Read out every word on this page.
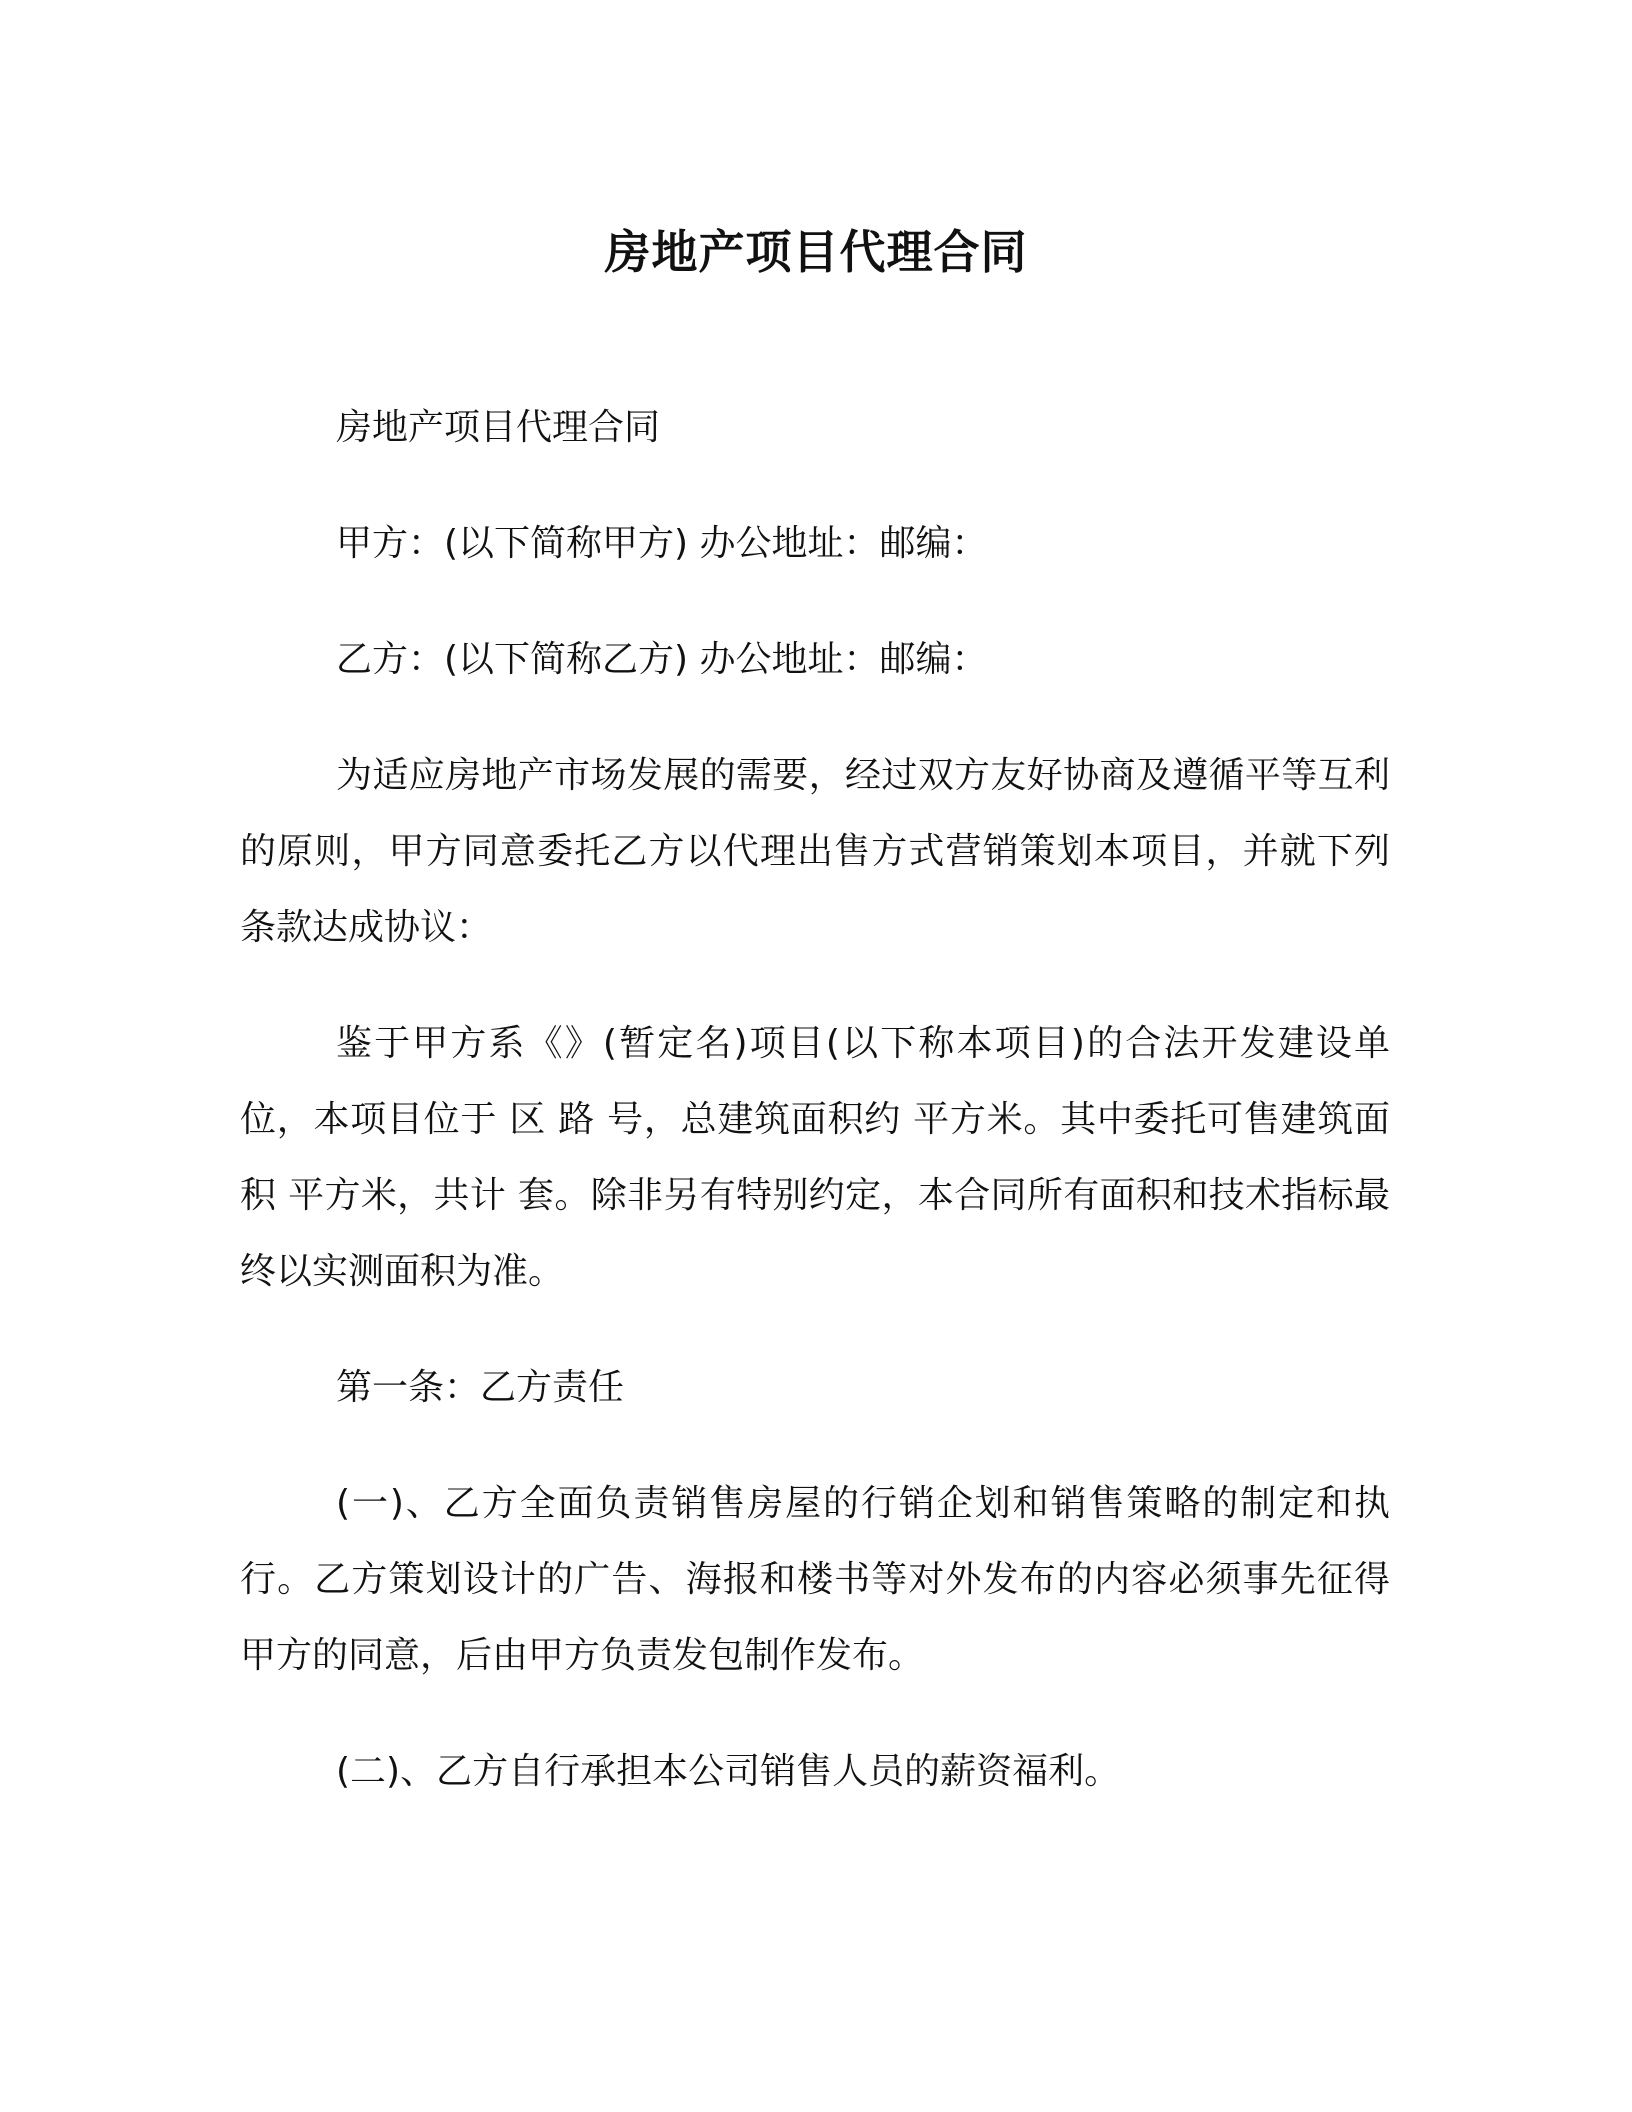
房地产项目代理合同

房地产项目代理合同

甲方：(以下简称甲方) 办公地址：邮编：

乙方：(以下简称乙方) 办公地址：邮编：

为适应房地产市场发展的需要，经过双方友好协商及遵循平等互利的原则，甲方同意委托乙方以代理出售方式营销策划本项目，并就下列条款达成协议：

鉴于甲方系《》(暂定名)项目(以下称本项目)的合法开发建设单位，本项目位于 区 路 号，总建筑面积约 平方米。其中委托可售建筑面积 平方米，共计 套。除非另有特别约定，本合同所有面积和技术指标最终以实测面积为准。

第一条：乙方责任

(一)、乙方全面负责销售房屋的行销企划和销售策略的制定和执行。乙方策划设计的广告、海报和楼书等对外发布的内容必须事先征得甲方的同意，后由甲方负责发包制作发布。

(二)、乙方自行承担本公司销售人员的薪资福利。
